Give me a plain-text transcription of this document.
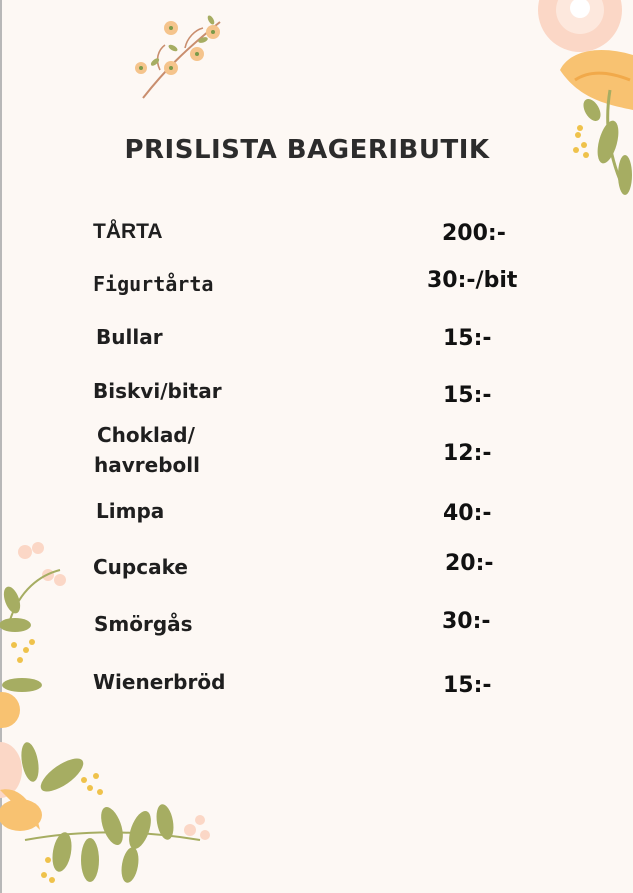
PRISLISTA BAGERIBUTIK
TÅRTA	200:-
Figurtårta	30:-/bit
Bullar	15:-
Biskvi/bitar	15:-
Choklad/
havreboll	12:-
Limpa	40:-
Cupcake	20:-
Smörgås	30:-
Wienerbröd	15:-
